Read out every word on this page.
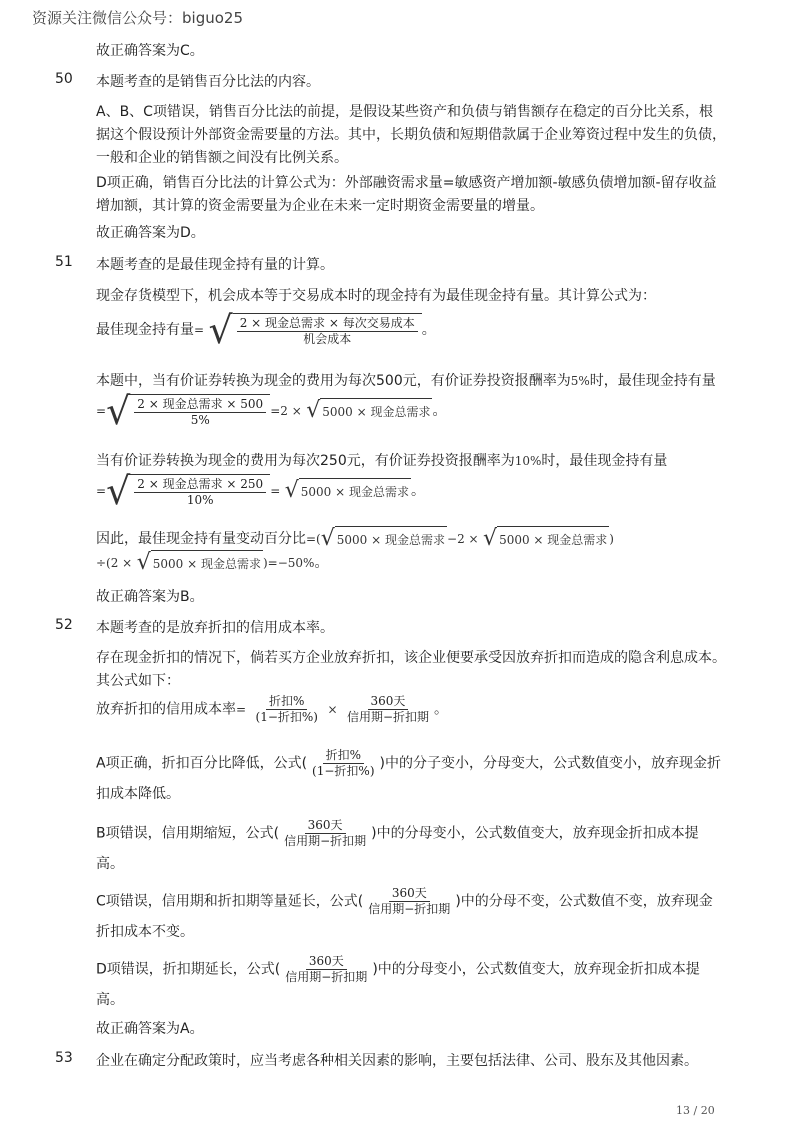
资源关注微信公众号：biguo25
故正确答案为C。
50 本题考查的是销售百分比法的内容。
A、B、C项错误，销售百分比法的前提，是假设某些资产和负债与销售额存在稳定的百分比关系，根据这个假设预计外部资金需要量的方法。其中，长期负债和短期借款属于企业筹资过程中发生的负债，一般和企业的销售额之间没有比例关系。
D项正确，销售百分比法的计算公式为：外部融资需求量=敏感资产增加额-敏感负债增加额-留存收益增加额，其计算的资金需要量为企业在未来一定时期资金需要量的增量。
故正确答案为D。
51 本题考查的是最佳现金持有量的计算。
现金存货模型下，机会成本等于交易成本时的现金持有为最佳现金持有量。其计算公式为：
最佳现金持有量= √ 2 × 现金总需求 × 每次交易成本
机会成本
。
本题中，当有价证券转换为现金的费用为每次500元，有价证券投资报酬率为5%时，最佳现金持有量
= √ 2 × 现金总需求 × 500
5%
=2 × √ 5000 × 现金总需求 。
当有价证券转换为现金的费用为每次250元，有价证券投资报酬率为10%时，最佳现金持有量
= √ 2 × 现金总需求 × 250
10%
= √ 5000 × 现金总需求 。
因此，最佳现金持有量变动百分比=( √ 5000 × 现金总需求 −2 × √ 5000 × 现金总需求 )
÷(2 × √ 5000 × 现金总需求 )=−50%。
故正确答案为B。
52 本题考查的是放弃折扣的信用成本率。
存在现金折扣的情况下，倘若买方企业放弃折扣，该企业便要承受因放弃折扣而造成的隐含利息成本。其公式如下：
放弃折扣的信用成本率=
折扣%
(1−折扣%)
×
360天
信用期−折扣期 。
A项正确，折扣百分比降低，公式(
折扣%
(1−折扣%) )中的分子变小，分母变大，公式数值变小，放弃现金折扣成本降低。
B项错误，信用期缩短，公式(
360天
信用期−折扣期 )中的分母变小，公式数值变大，放弃现金折扣成本提高。
C项错误，信用期和折扣期等量延长，公式(
360天
信用期−折扣期 )中的分母不变，公式数值不变，放弃现金折扣成本不变。
D项错误，折扣期延长，公式(
360天
信用期−折扣期 )中的分母变小，公式数值变大，放弃现金折扣成本提高。
故正确答案为A。
53 企业在确定分配政策时，应当考虑各种相关因素的影响，主要包括法律、公司、股东及其他因素。
13 / 20
